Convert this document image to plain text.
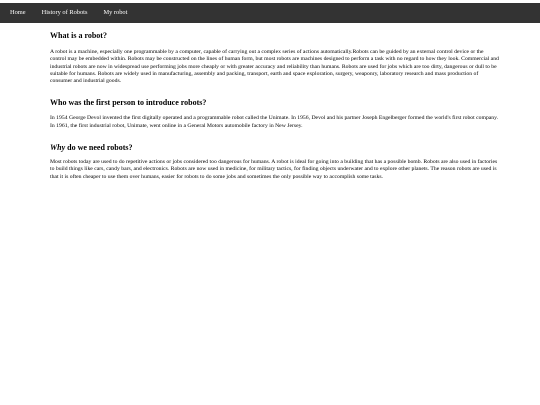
Home	History of Robots	My robot
What is a robot?

A robot is a machine, especially one programmable by a computer, capable of carrying out a complex series of actions automatically.Robots can be guided by an external control device or the control may be embedded within. Robots may be constructed on the lines of human form, but most robots are machines designed to perform a task with no regard to how they look. Commercial and industrial robots are now in widespread use performing jobs more cheaply or with greater accuracy and reliability than humans. Robots are used for jobs which are too dirty, dangerous or dull to be suitable for humans. Robots are widely used in manufacturing, assembly and packing, transport, earth and space exploration, surgery, weaponry, laboratory research and mass production of consumer and industrial goods.

Who was the first person to introduce robots?

In 1954 George Devol invented the first digitally operated and a programmable robot called the Unimate. In 1956, Devol and his partner Joseph Engelberger formed the world's first robot company. In 1961, the first industrial robot, Unimate, went online in a General Motors automobile factory in New Jersey.

Why do we need robots?

Most robots today are used to do repetitive actions or jobs considered too dangerous for humans. A robot is ideal for going into a building that has a possible bomb. Robots are also used in factories to build things like cars, candy bars, and electronics. Robots are now used in medicine, for military tactics, for finding objects underwater and to explore other planets. The reason robots are used is that it is often cheaper to use them over humans, easier for robots to do some jobs and sometimes the only possible way to accomplish some tasks.
